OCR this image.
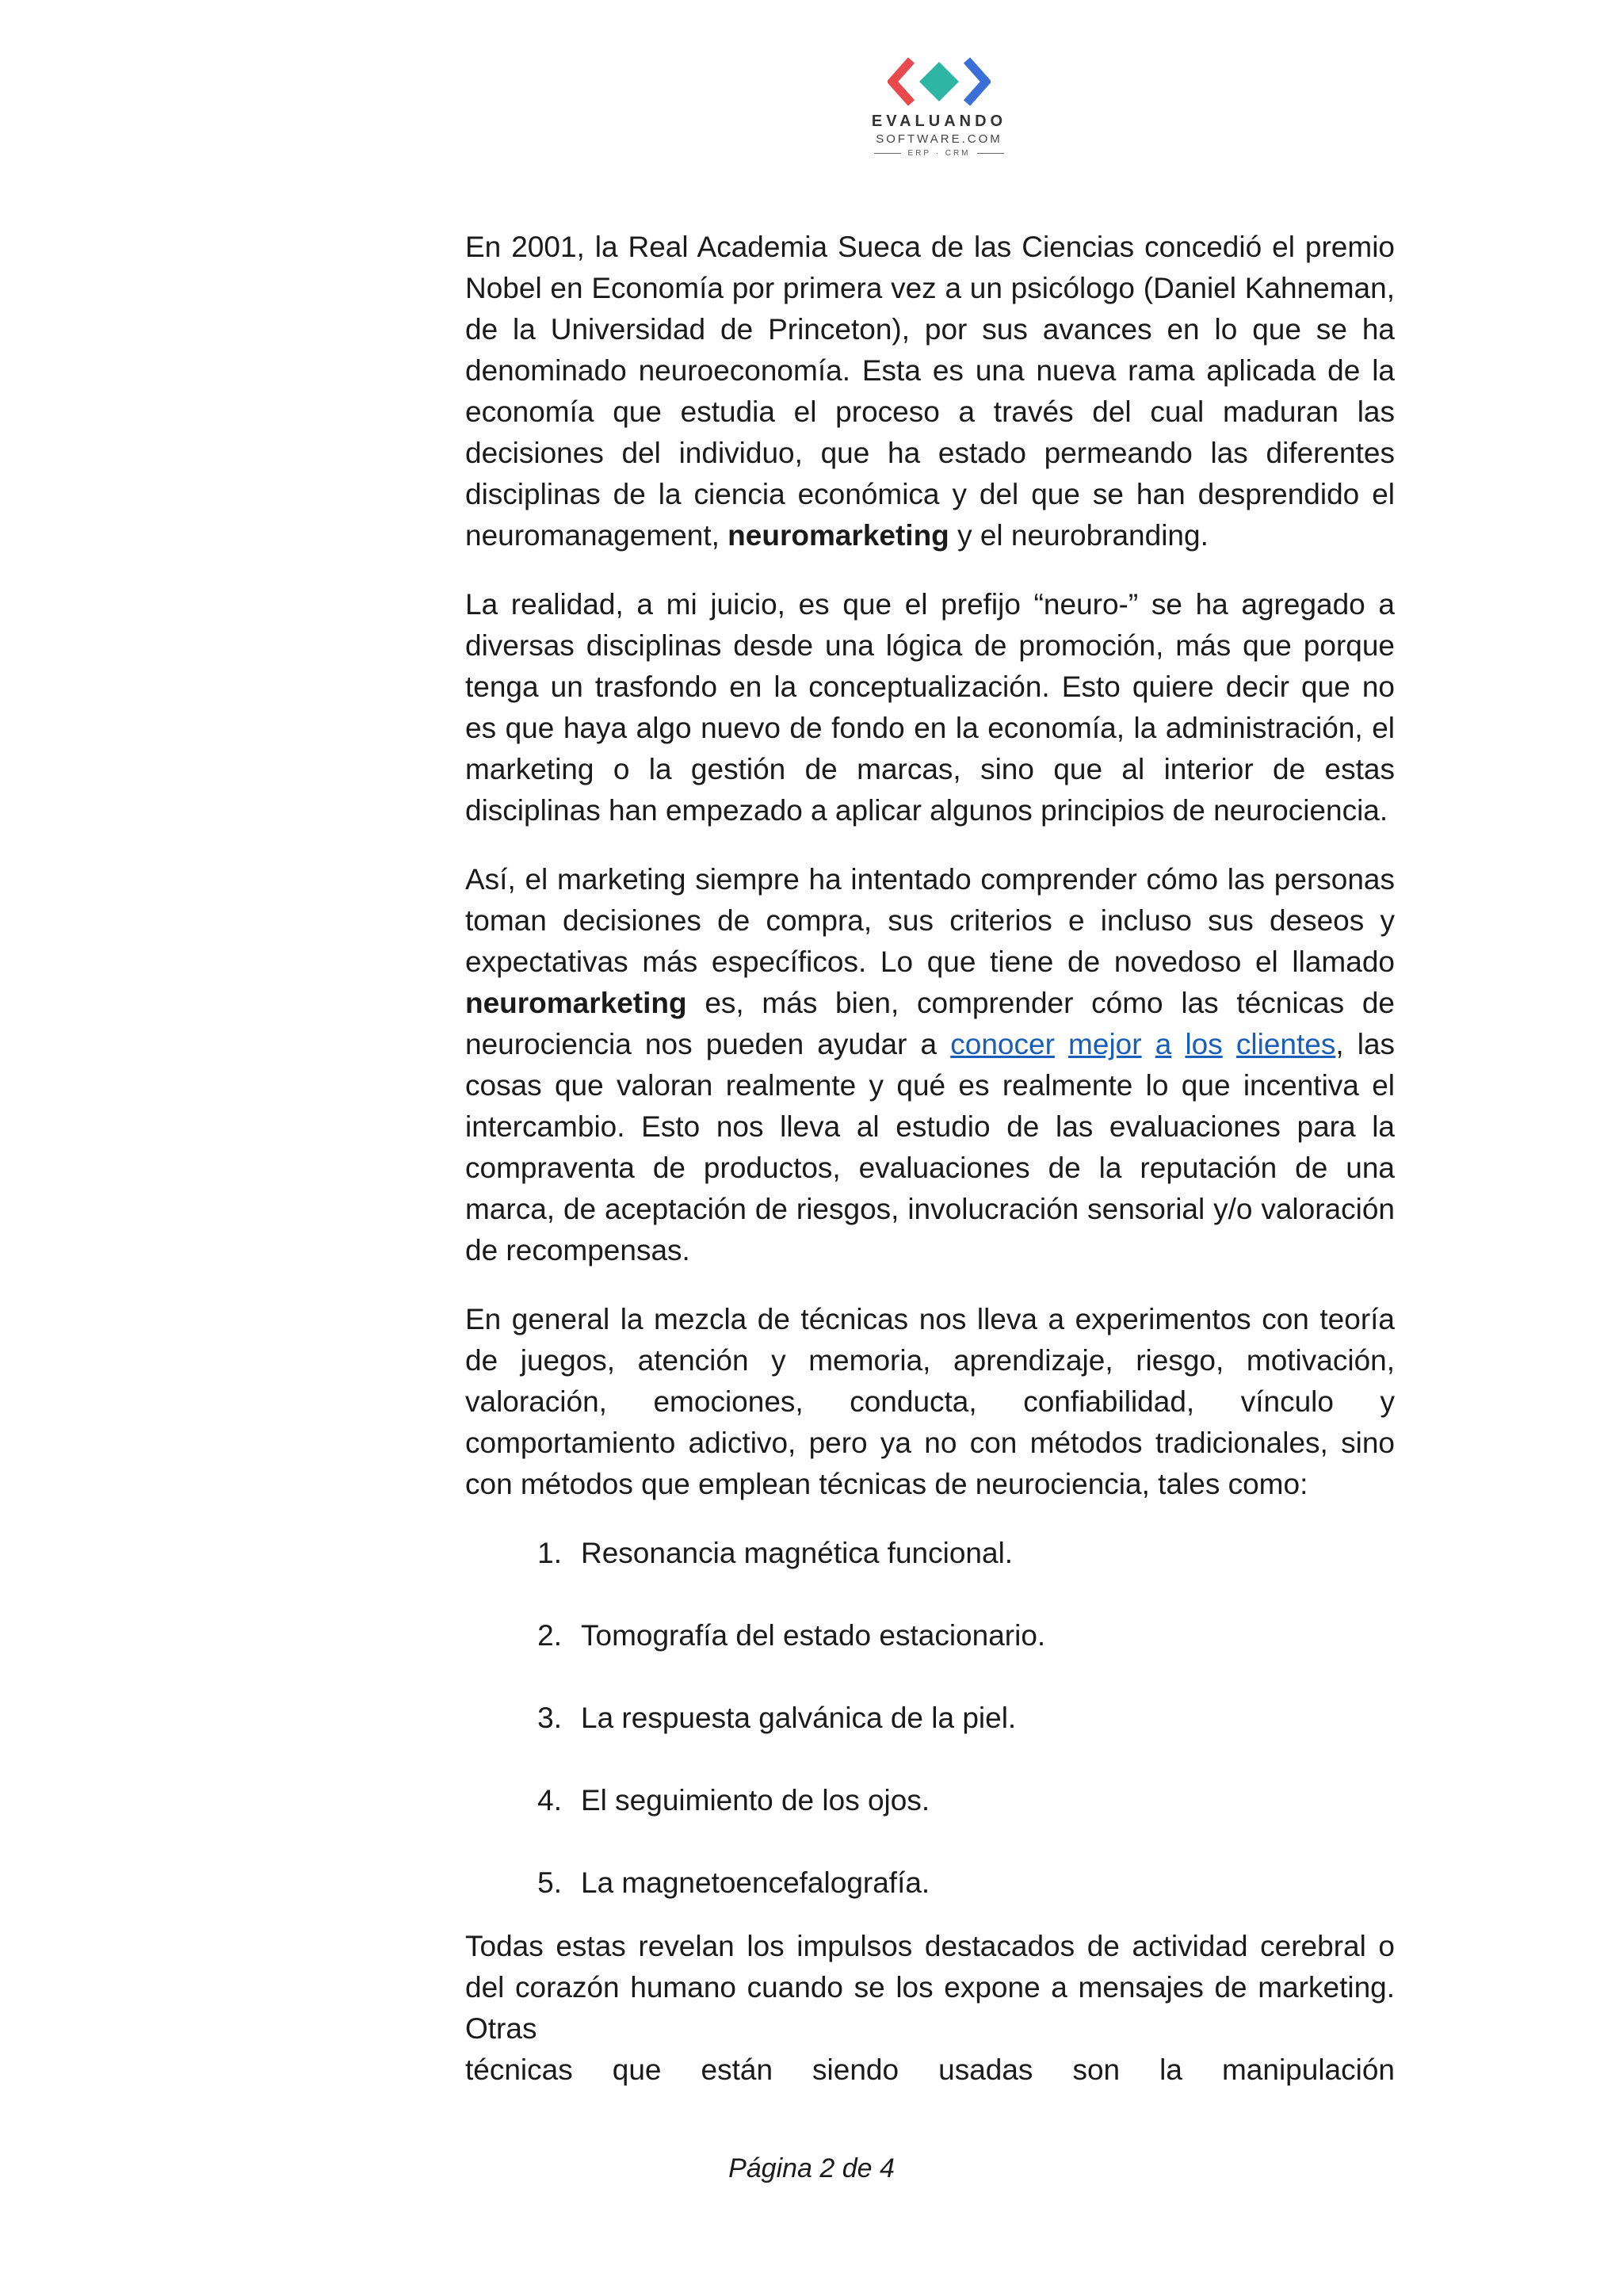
EVALUANDO
SOFTWARE.COM
ERP · CRM

En 2001, la Real Academia Sueca de las Ciencias concedió el premio Nobel en Economía por primera vez a un psicólogo (Daniel Kahneman, de la Universidad de Princeton), por sus avances en lo que se ha denominado neuroeconomía. Esta es una nueva rama aplicada de la economía que estudia el proceso a través del cual maduran las decisiones del individuo, que ha estado permeando las diferentes disciplinas de la ciencia económica y del que se han desprendido el neuromanagement, neuromarketing y el neurobranding.

La realidad, a mi juicio, es que el prefijo “neuro-” se ha agregado a diversas disciplinas desde una lógica de promoción, más que porque tenga un trasfondo en la conceptualización. Esto quiere decir que no es que haya algo nuevo de fondo en la economía, la administración, el marketing o la gestión de marcas, sino que al interior de estas disciplinas han empezado a aplicar algunos principios de neurociencia.

Así, el marketing siempre ha intentado comprender cómo las personas toman decisiones de compra, sus criterios e incluso sus deseos y expectativas más específicos. Lo que tiene de novedoso el llamado neuromarketing es, más bien, comprender cómo las técnicas de neurociencia nos pueden ayudar a conocer mejor a los clientes, las cosas que valoran realmente y qué es realmente lo que incentiva el intercambio. Esto nos lleva al estudio de las evaluaciones para la compraventa de productos, evaluaciones de la reputación de una marca, de aceptación de riesgos, involucración sensorial y/o valoración de recompensas.

En general la mezcla de técnicas nos lleva a experimentos con teoría de juegos, atención y memoria, aprendizaje, riesgo, motivación, valoración, emociones, conducta, confiabilidad, vínculo y comportamiento adictivo, pero ya no con métodos tradicionales, sino con métodos que emplean técnicas de neurociencia, tales como:

1. Resonancia magnética funcional.
2. Tomografía del estado estacionario.
3. La respuesta galvánica de la piel.
4. El seguimiento de los ojos.
5. La magnetoencefalografía.

Todas estas revelan los impulsos destacados de actividad cerebral o del corazón humano cuando se los expone a mensajes de marketing. Otras

técnicas que están siendo usadas son la manipulación

Página 2 de 4
